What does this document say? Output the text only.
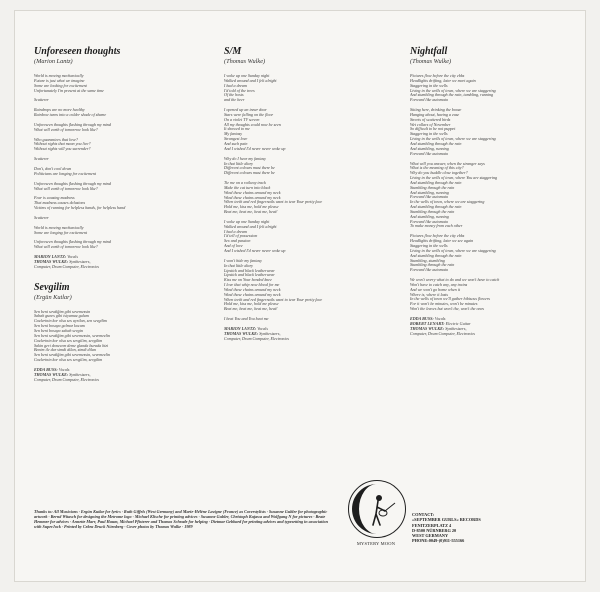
Unforeseen thoughts
(Marion Lantz)
World is moving mechanically
Future is just what we imagine
Some are looking for excitement
Unfortunately I'm present at the same time
Scatterer
Raindrops are no more healthy
Rainbow turns into a colder shade of shame
Unforeseen thoughts flashing through my mind
What will earth of tomorrow look like?
Who guarantees that love?
Without rights that mean you live?
Without rights will you surrender?
Scatterer
Don't, don't cool down
Politicians are longing for excitement
Unforeseen thoughts flashing through my mind
What will earth of tomorrow look like?
Fear is causing madness
That madness causes delusions
Victims of running for helpless hands, for helpless hand
Scatterer
World is moving mechanically
Some are longing for excitement
Unforeseen thoughts flashing through my mind
What will earth of tomorrow look like?
MARION LANTZ: Vocals
THOMAS WULKE: Synthesizers,
Computer, Drum Computer, Electronics
Sevgilim
(Ergün Kutlar)
Sen beni sevdiğim gibi sevemezsin
Sabah gunes gibi isiyamaz gulum
Gozlerinin kor olsa ses ayrilan, sen sevgilim
Sen beni bosaya gelmez kocam
Sen beni bosaya sabah sevgin
Sen beni sevdiğim gibi sevemezsin, sevemezlin
Gozlerinin kor olsa ses sevgilim, sevgilim
Sakin geri donecem deme glanda burada bizi
Benim ile dur simdi dilan, simdi dilan
Sen beni sevdiğim gibi sevemezsin, sevemezlin
Gozlerinin kor olsa ses sevgilim, sevgilim
EDDA BUSS: Vocals
THOMAS WULKE: Synthesizers,
Computer, Drum Computer, Electronics
S/M
(Thomas Wulke)
I woke up one Sunday night
Walked around and I felt alright
I had a dream
I'd told of the trees
Of the hosts
and the beer
I opened up an inner door
Stars were falling on the floor
On a violet TV screen
All my thoughts could now be seen
It showed to me
My fantasy
Strangest love
And such pain
And I wished I'd never never woke up
Why do I hear my fantasy
In that little diary
Different colours must there be
Different colours must there be
Tie me on a railway track
Make the cat turn into black
Wind these chains around my neck
Wind these chains around my neck
When teeth and red fingernails want to tear Your pretty face
Hold me, kiss me, hold me please
Beat me, beat me, beat me, beat!
I woke up one Sunday night
Walked around and I felt alright
I had a dream
I'd tell of possession
Sex and passion
And of love
And I wished I'd never never woke up
I won't hide my fantasy
In that little diary
Lipstick and black leatherwear
Lipstick and black leatherwear
Kiss me on Your bended knee
I love that whip now blood for me
Wind these chains around my neck
Wind these chains around my neck
When teeth and red fingernails want to tear Your pretty face
Hold me, kiss me, hold me please
Beat me, beat me, beat me, beat!
I beat You and You beat me
MARION LANTZ: Vocals
THOMAS WULKE: Synthesizers,
Computer, Drum Computer, Electronics
Nightfall
(Thomas Wulke)
Pictures flow before the city ebbs
Headlights drifting, later we meet again
Staggering in the wells
Living in the wells of town, where we are staggering
And stumbling through the rain, tumbling, running
Forward like automata
Sitting here, drinking the booze
Hanging about, having a ease
Streets of scattered birds
Wet collars of November
So difficult to be not puppet
Staggering in the wells
Living in the wells of town, where we are staggering
And stumbling through the rain
And stumbling, running
Forward like automata
What will you answer, when the stranger says
What is the meaning of this city?
Why do you huddle close together?
Living in the wells of town, where You are staggering
And stumbling through the rain
Stumbling through the rain
And stumbling, running
Forward like automata
In the wells of town, where we are staggering
And stumbling through the rain
Stumbling through the rain
And stumbling, running
Forward like automata
To make money from each other
Pictures flow before the city ebbs
Headlights drifting, later we see again
Staggering in the wells
Living in the wells of town, where we are staggering
And stumbling through the rain
Stumbling, stumbling
Stumbling through the rain
Forward like automata
We won't worry what to do and we won't have to catch
Won't have to catch any, any trains
And we won't go home when it
Where is, where it lasts
In the wells of town we'll gather hibiscus flowers
For it won't be minutes, won't be minutes
Won't the leaves but won't the, won't the ones
EDDA BUSS: Vocals
ROBERT LENART: Electric Guitar
THOMAS WULKE: Synthesizers,
Computer, Drum Computer, Electronics
Thanks to: All Musicians · Ergün Kutlar for lyrics · Ruth Giffels (West Germany) and Marie-Hélène Lavigne (France) as Coverstylists · Susanne Gubler for photographic artwork · Bernd Witasch for designing the Metrome logo · Michael Klische for printing advices · Susanne Gubler, Christoph Kujawa and Wolfgang N for pictures · Beate Hemmer for advices · Annette Marr, Paul Haum, Michael Pfisterer and Thomas Schrade for helping · Dietmar Gebhard for printing advices and typesetting in association with SuperJock · Printed by Cebra Druck Nürnberg · Cover photos by Thomas Wulke · 1989
MYSTERY MOON
CONTACT:
»SEPTEMBER GURLS« RECORDS
FENITZERPLATZ 4
D-8500 NÜRNBERG 20
WEST GERMANY
PHONE:0049-(0)911-555166
